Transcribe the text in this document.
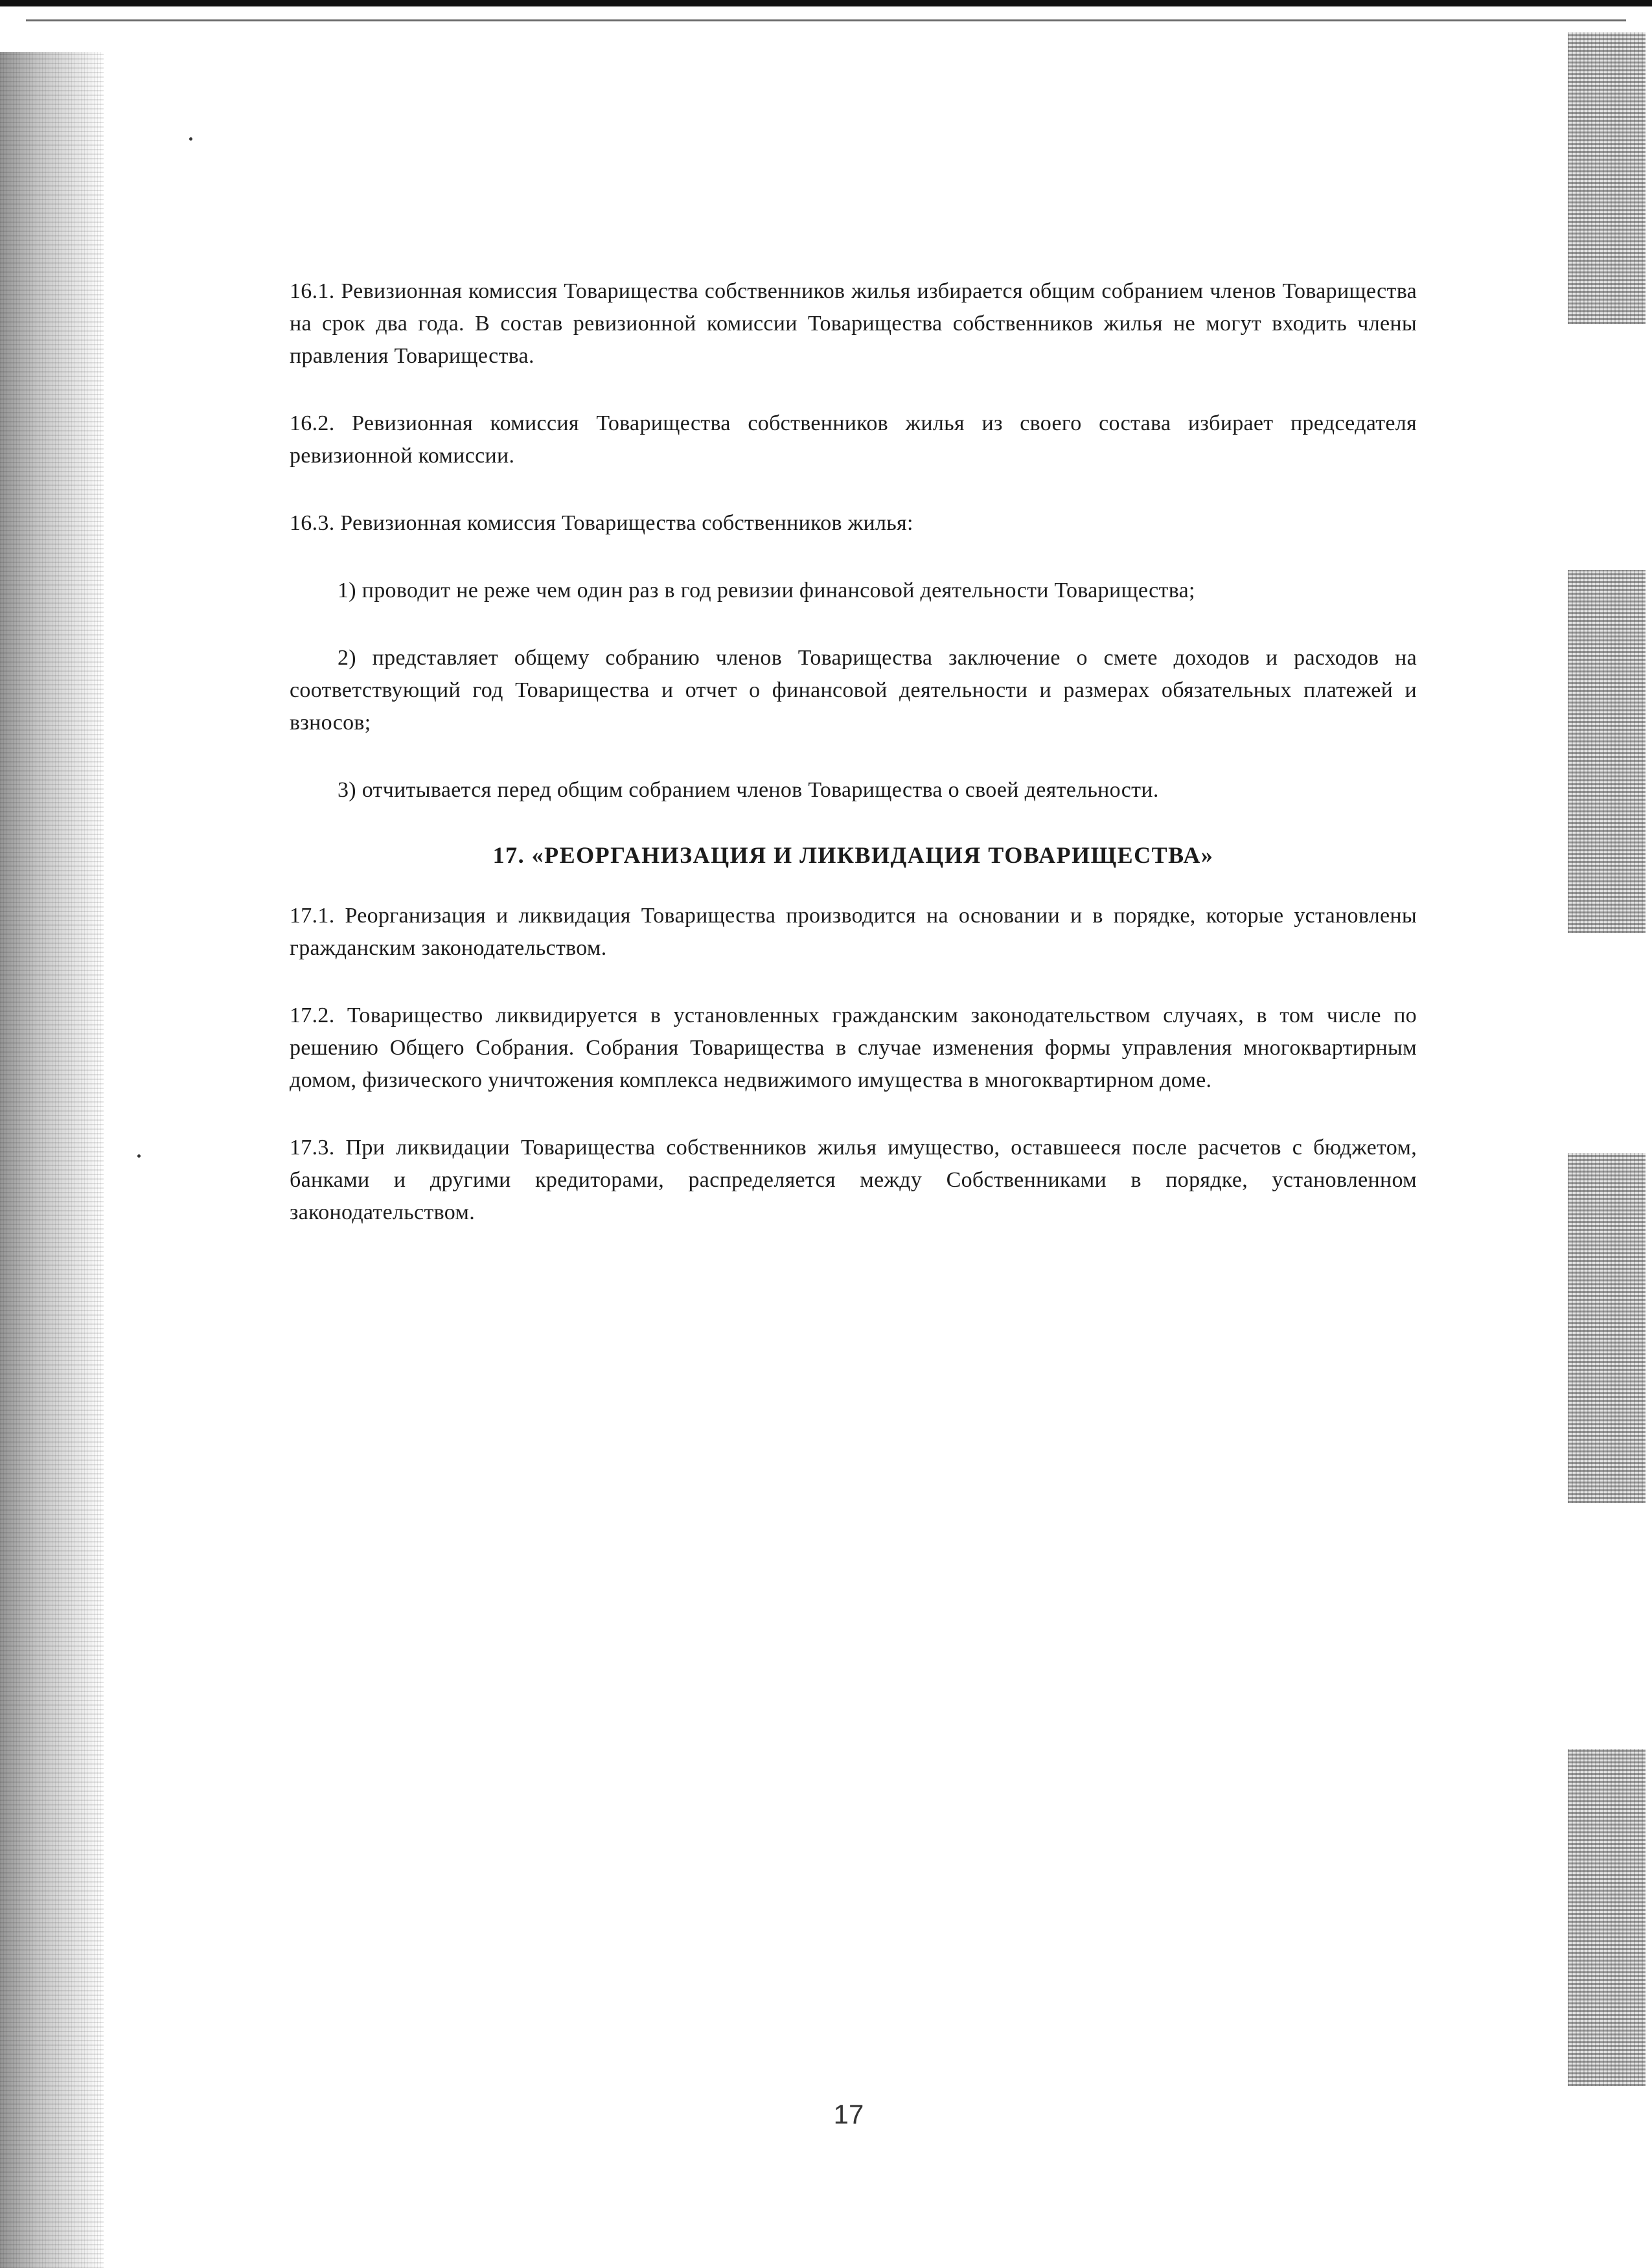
16.1. Ревизионная комиссия Товарищества собственников жилья избирается общим собранием членов Товарищества на срок два года. В состав ревизионной комиссии Товарищества собственников жилья не могут входить члены правления Товарищества.

16.2. Ревизионная комиссия Товарищества собственников жилья из своего состава избирает председателя ревизионной комиссии.

16.3. Ревизионная комиссия Товарищества собственников жилья:

1) проводит не реже чем один раз в год ревизии финансовой деятельности Товарищества;

2) представляет общему собранию членов Товарищества заключение о смете доходов и расходов на соответствующий год Товарищества и отчет о финансовой деятельности и размерах обязательных платежей и взносов;

3) отчитывается перед общим собранием членов Товарищества о своей деятельности.

17. «РЕОРГАНИЗАЦИЯ И ЛИКВИДАЦИЯ ТОВАРИЩЕСТВА»

17.1. Реорганизация и ликвидация Товарищества производится на основании и в порядке, которые установлены гражданским законодательством.

17.2. Товарищество ликвидируется в установленных гражданским законодательством случаях, в том числе по решению Общего Собрания. Собрания Товарищества в случае изменения формы управления многоквартирным домом, физического уничтожения комплекса недвижимого имущества в многоквартирном доме.

17.3. При ликвидации Товарищества собственников жилья имущество, оставшееся после расчетов с бюджетом, банками и другими кредиторами, распределяется между Собственниками в порядке, установленном законодательством.

17
